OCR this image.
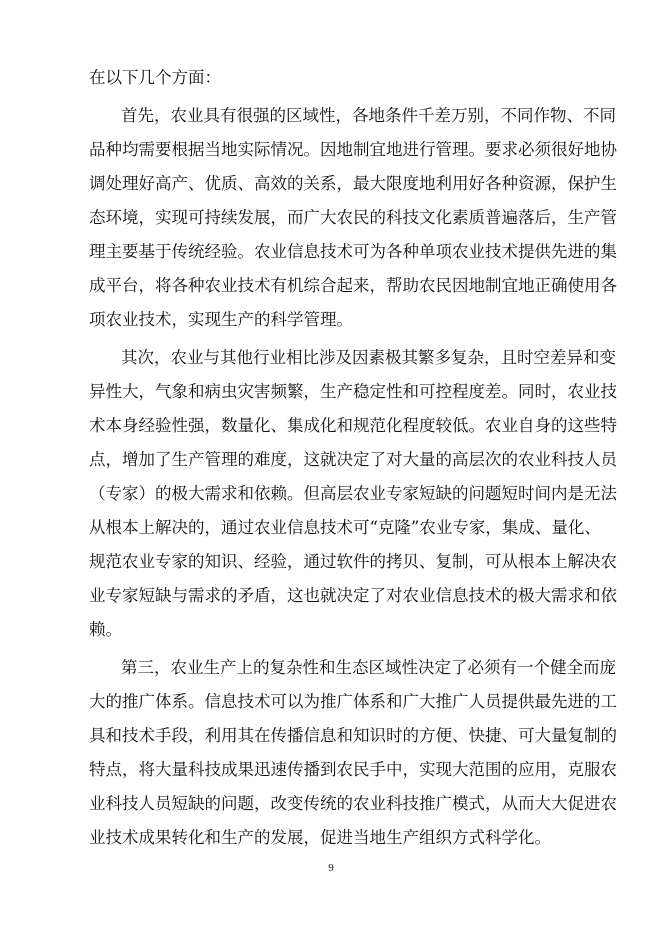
在以下几个方面：
首先，农业具有很强的区域性，各地条件千差万别，不同作物、不同
品种均需要根据当地实际情况。因地制宜地进行管理。要求必须很好地协
调处理好高产、优质、高效的关系，最大限度地利用好各种资源，保护生
态环境，实现可持续发展，而广大农民的科技文化素质普遍落后，生产管
理主要基于传统经验。农业信息技术可为各种单项农业技术提供先进的集
成平台，将各种农业技术有机综合起来，帮助农民因地制宜地正确使用各
项农业技术，实现生产的科学管理。
其次，农业与其他行业相比涉及因素极其繁多复杂，且时空差异和变
异性大，气象和病虫灾害频繁，生产稳定性和可控程度差。同时，农业技
术本身经验性强，数量化、集成化和规范化程度较低。农业自身的这些特
点，增加了生产管理的难度，这就决定了对大量的高层次的农业科技人员
（专家）的极大需求和依赖。但高层农业专家短缺的问题短时间内是无法
从根本上解决的，通过农业信息技术可“克隆”农业专家，集成、量化、
规范农业专家的知识、经验，通过软件的拷贝、复制，可从根本上解决农
业专家短缺与需求的矛盾，这也就决定了对农业信息技术的极大需求和依
赖。
第三，农业生产上的复杂性和生态区域性决定了必须有一个健全而庞
大的推广体系。信息技术可以为推广体系和广大推广人员提供最先进的工
具和技术手段，利用其在传播信息和知识时的方便、快捷、可大量复制的
特点，将大量科技成果迅速传播到农民手中，实现大范围的应用，克服农
业科技人员短缺的问题，改变传统的农业科技推广模式，从而大大促进农
业技术成果转化和生产的发展，促进当地生产组织方式科学化。
9
